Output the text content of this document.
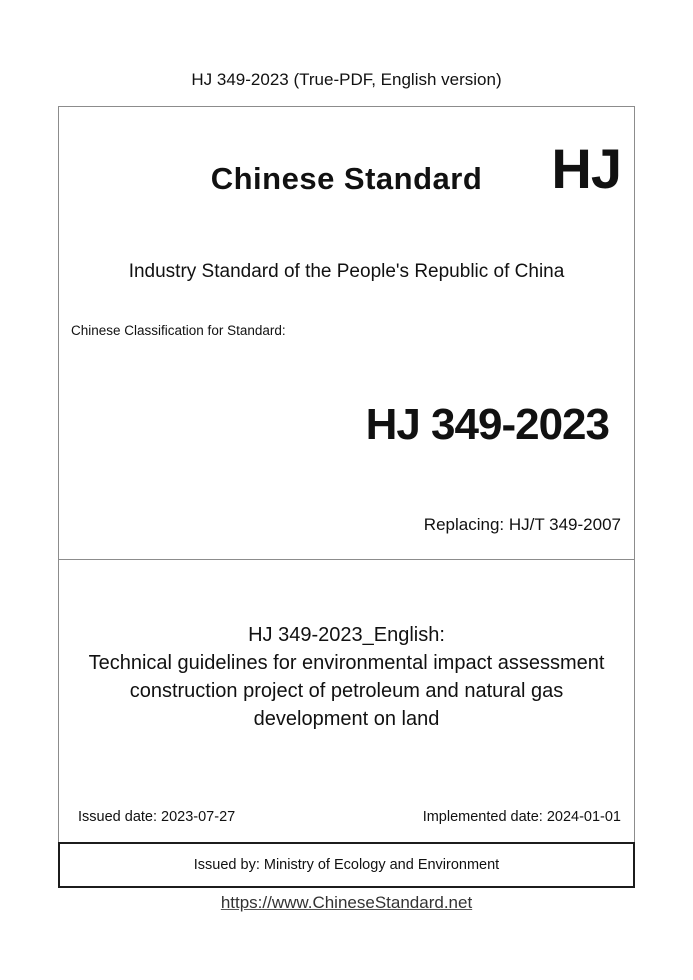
HJ 349-2023 (True-PDF, English version)
Chinese Standard	HJ
Industry Standard of the People's Republic of China
Chinese Classification for Standard:
HJ 349-2023
Replacing: HJ/T 349-2007
HJ 349-2023_English:
Technical guidelines for environmental impact assessment
construction project of petroleum and natural gas
development on land
Issued date: 2023-07-27	Implemented date: 2024-01-01
Issued by: Ministry of Ecology and Environment
https://www.ChineseStandard.net
